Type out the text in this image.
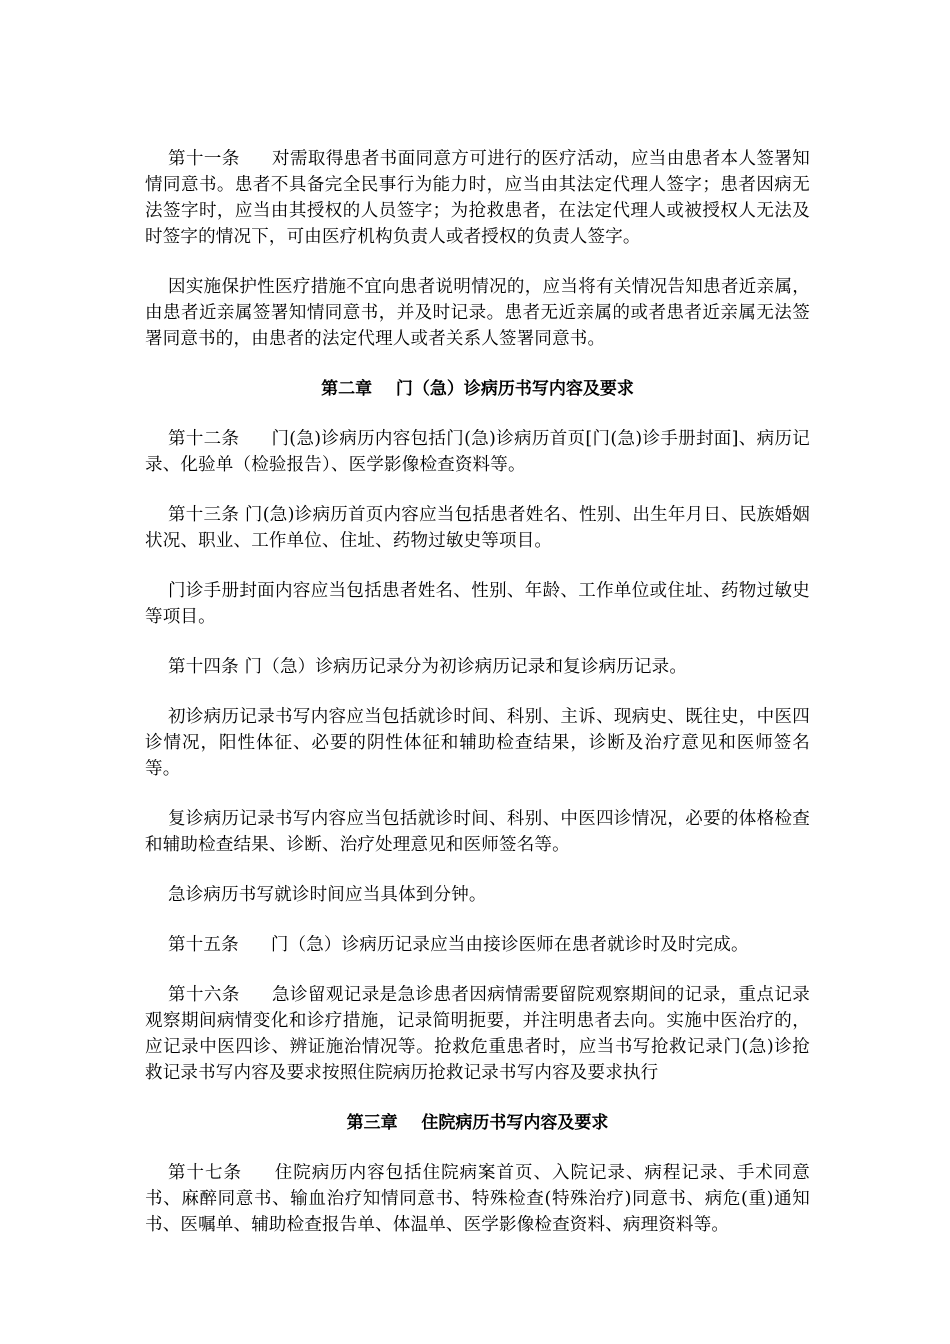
第十一条 对需取得患者书面同意方可进行的医疗活动，应当由患者本人签署知情同意书。患者不具备完全民事行为能力时，应当由其法定代理人签字；患者因病无法签字时，应当由其授权的人员签字；为抢救患者，在法定代理人或被授权人无法及时签字的情况下，可由医疗机构负责人或者授权的负责人签字。

因实施保护性医疗措施不宜向患者说明情况的，应当将有关情况告知患者近亲属，由患者近亲属签署知情同意书，并及时记录。患者无近亲属的或者患者近亲属无法签署同意书的，由患者的法定代理人或者关系人签署同意书。

第二章 门（急）诊病历书写内容及要求

第十二条 门(急)诊病历内容包括门(急)诊病历首页[门(急)诊手册封面]、病历记录、化验单（检验报告）、医学影像检查资料等。

第十三条 门(急)诊病历首页内容应当包括患者姓名、性别、出生年月日、民族婚姻状况、职业、工作单位、住址、药物过敏史等项目。

门诊手册封面内容应当包括患者姓名、性别、年龄、工作单位或住址、药物过敏史等项目。

第十四条 门（急）诊病历记录分为初诊病历记录和复诊病历记录。

初诊病历记录书写内容应当包括就诊时间、科别、主诉、现病史、既往史，中医四诊情况，阳性体征、必要的阴性体征和辅助检查结果，诊断及治疗意见和医师签名等。

复诊病历记录书写内容应当包括就诊时间、科别、中医四诊情况，必要的体格检查和辅助检查结果、诊断、治疗处理意见和医师签名等。

急诊病历书写就诊时间应当具体到分钟。

第十五条 门（急）诊病历记录应当由接诊医师在患者就诊时及时完成。

第十六条 急诊留观记录是急诊患者因病情需要留院观察期间的记录，重点记录观察期间病情变化和诊疗措施，记录简明扼要，并注明患者去向。实施中医治疗的，应记录中医四诊、辨证施治情况等。抢救危重患者时，应当书写抢救记录门(急)诊抢救记录书写内容及要求按照住院病历抢救记录书写内容及要求执行

第三章 住院病历书写内容及要求

第十七条 住院病历内容包括住院病案首页、入院记录、病程记录、手术同意书、麻醉同意书、输血治疗知情同意书、特殊检查(特殊治疗)同意书、病危(重)通知书、医嘱单、辅助检查报告单、体温单、医学影像检查资料、病理资料等。
